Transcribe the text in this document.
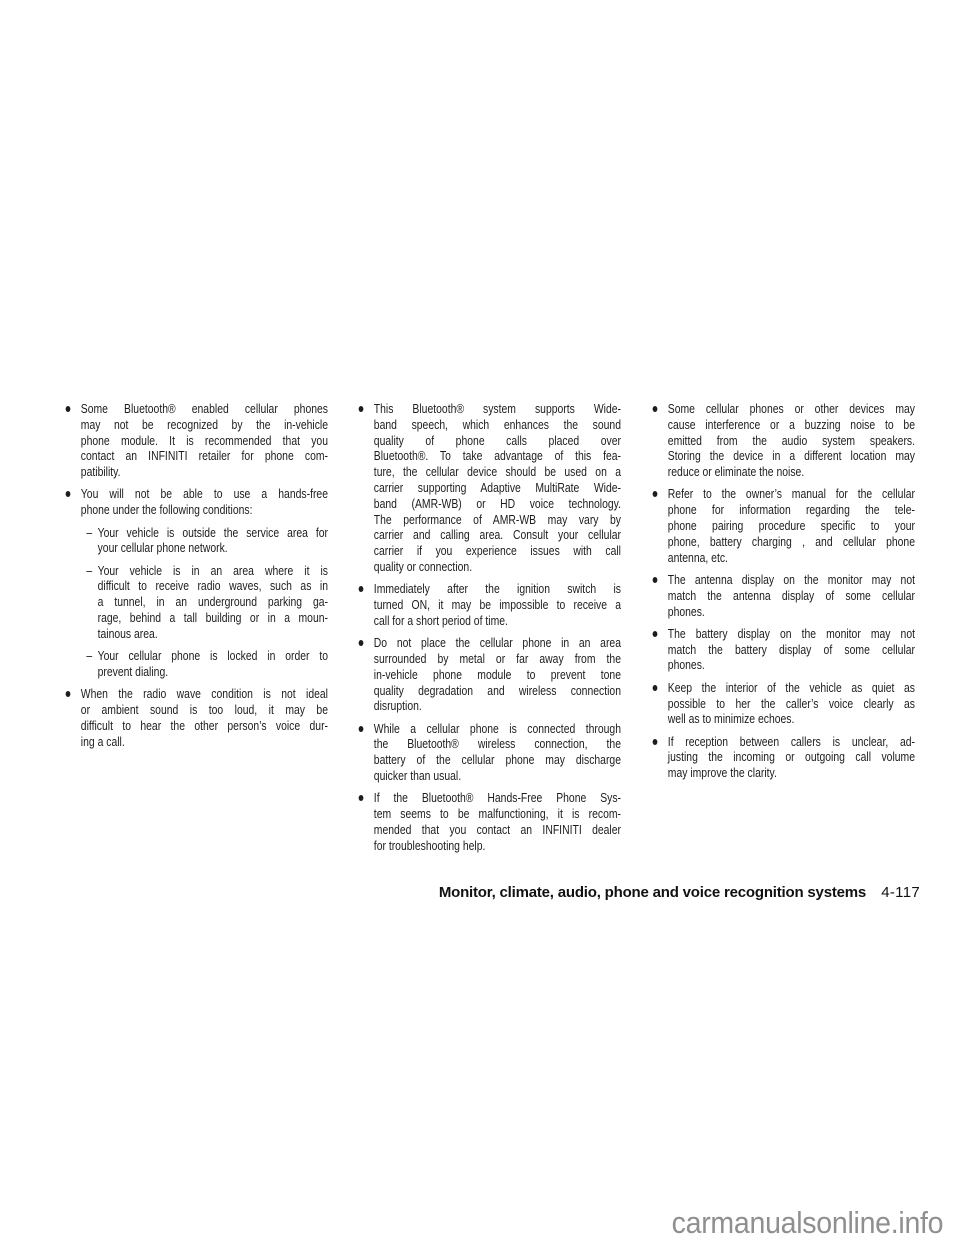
Some Bluetooth® enabled cellular phones
may not be recognized by the in-vehicle
phone module. It is recommended that you
contact an INFINITI retailer for phone com-
patibility.
You will not be able to use a hands-free
phone under the following conditions:
– Your vehicle is outside the service area for
your cellular phone network.
– Your vehicle is in an area where it is
difficult to receive radio waves, such as in
a tunnel, in an underground parking ga-
rage, behind a tall building or in a moun-
tainous area.
– Your cellular phone is locked in order to
prevent dialing.
When the radio wave condition is not ideal
or ambient sound is too loud, it may be
difficult to hear the other person’s voice dur-
ing a call.
This Bluetooth® system supports Wide-
band speech, which enhances the sound
quality of phone calls placed over
Bluetooth®. To take advantage of this fea-
ture, the cellular device should be used on a
carrier supporting Adaptive MultiRate Wide-
band (AMR-WB) or HD voice technology.
The performance of AMR-WB may vary by
carrier and calling area. Consult your cellular
carrier if you experience issues with call
quality or connection.
Immediately after the ignition switch is
turned ON, it may be impossible to receive a
call for a short period of time.
Do not place the cellular phone in an area
surrounded by metal or far away from the
in-vehicle phone module to prevent tone
quality degradation and wireless connection
disruption.
While a cellular phone is connected through
the Bluetooth® wireless connection, the
battery of the cellular phone may discharge
quicker than usual.
If the Bluetooth® Hands-Free Phone Sys-
tem seems to be malfunctioning, it is recom-
mended that you contact an INFINITI dealer
for troubleshooting help.
Some cellular phones or other devices may
cause interference or a buzzing noise to be
emitted from the audio system speakers.
Storing the device in a different location may
reduce or eliminate the noise.
Refer to the owner’s manual for the cellular
phone for information regarding the tele-
phone pairing procedure specific to your
phone, battery charging , and cellular phone
antenna, etc.
The antenna display on the monitor may not
match the antenna display of some cellular
phones.
The battery display on the monitor may not
match the battery display of some cellular
phones.
Keep the interior of the vehicle as quiet as
possible to her the caller’s voice clearly as
well as to minimize echoes.
If reception between callers is unclear, ad-
justing the incoming or outgoing call volume
may improve the clarity.
Monitor, climate, audio, phone and voice recognition systems 4-117
carmanualsonline.info
